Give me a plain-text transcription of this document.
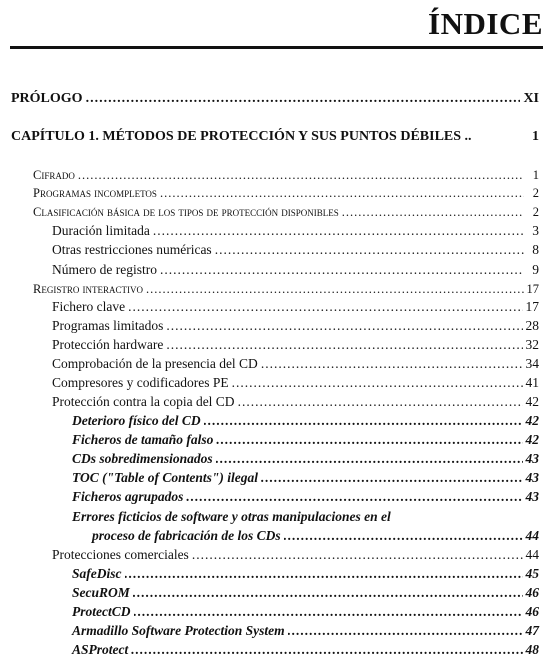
ÍNDICE
PRÓLOGO .....	XI
CAPÍTULO 1. MÉTODOS DE PROTECCIÓN Y SUS PUNTOS DÉBILES ..	1
Cifrado .....	1
Programas incompletos .....	2
Clasificación básica de los tipos de protección disponibles .....	2
Duración limitada .....	3
Otras restricciones numéricas .....	8
Número de registro .....	9
Registro interactivo .....	17
Fichero clave .....	17
Programas limitados .....	28
Protección hardware .....	32
Comprobación de la presencia del CD .....	34
Compresores y codificadores PE .....	41
Protección contra la copia del CD .....	42
Deterioro físico del CD .....	42
Ficheros de tamaño falso .....	42
CDs sobredimensionados .....	43
TOC ("Table of Contents") ilegal .....	43
Ficheros agrupados .....	43
Errores ficticios de software y otras manipulaciones en el
proceso de fabricación de los CDs .....	44
Protecciones comerciales .....	44
SafeDisc .....	45
SecuROM .....	46
ProtectCD .....	46
Armadillo Software Protection System .....	47
ASProtect .....	48
